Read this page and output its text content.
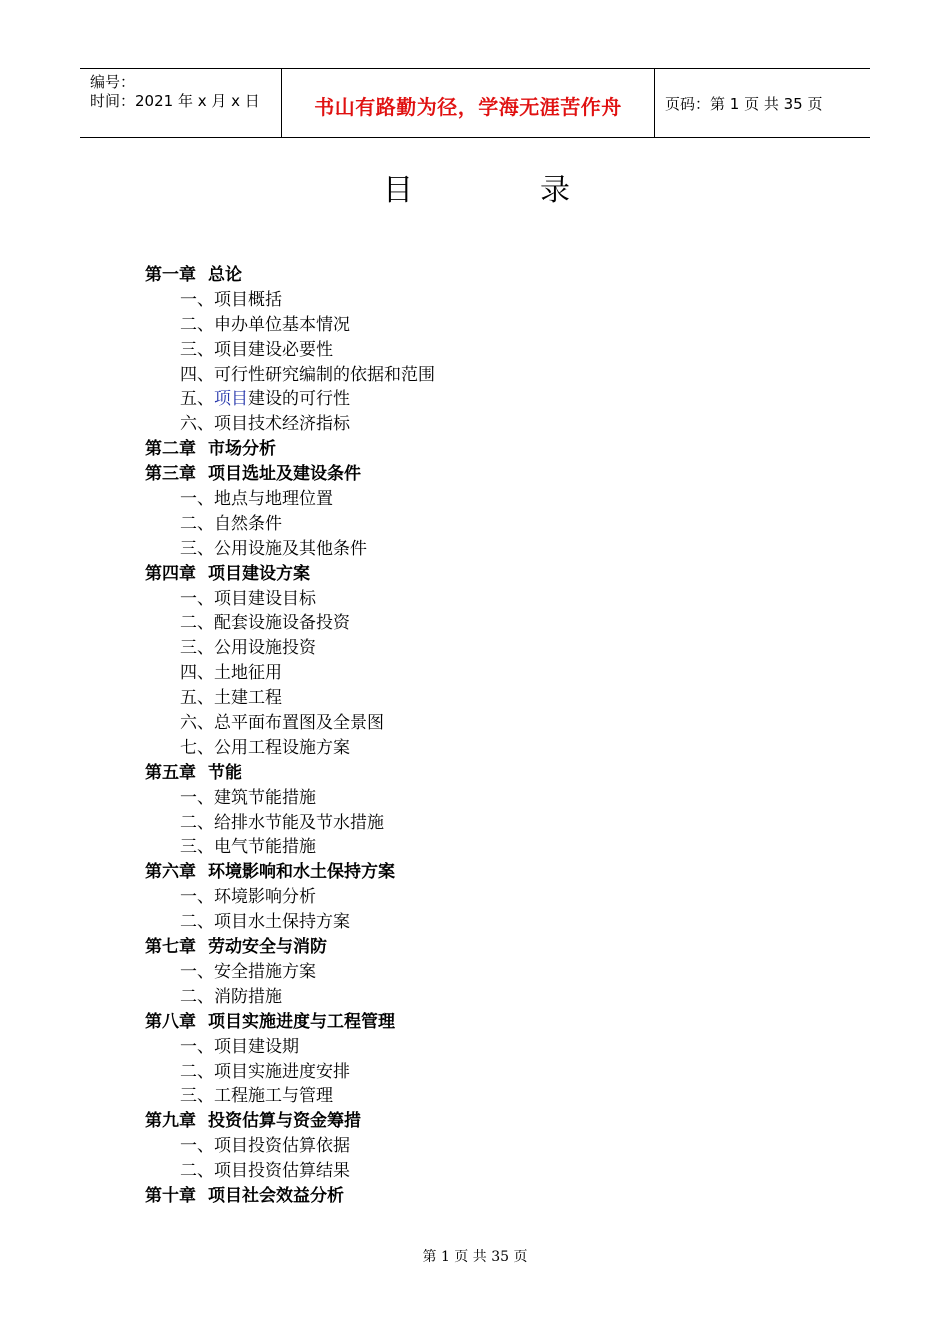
编号：
时间：2021 年 x 月 x 日	书山有路勤为径，学海无涯苦作舟	页码：第 1 页 共 35 页
目	录
第一章 总论
一、项目概括
二、申办单位基本情况
三、项目建设必要性
四、可行性研究编制的依据和范围
五、项目建设的可行性
六、项目技术经济指标
第二章 市场分析
第三章 项目选址及建设条件
一、地点与地理位置
二、自然条件
三、公用设施及其他条件
第四章 项目建设方案
一、项目建设目标
二、配套设施设备投资
三、公用设施投资
四、土地征用
五、土建工程
六、总平面布置图及全景图
七、公用工程设施方案
第五章 节能
一、建筑节能措施
二、给排水节能及节水措施
三、电气节能措施
第六章 环境影响和水土保持方案
一、环境影响分析
二、项目水土保持方案
第七章 劳动安全与消防
一、安全措施方案
二、消防措施
第八章 项目实施进度与工程管理
一、项目建设期
二、项目实施进度安排
三、工程施工与管理
第九章 投资估算与资金筹措
一、项目投资估算依据
二、项目投资估算结果
第十章 项目社会效益分析
第 1 页 共 35 页
